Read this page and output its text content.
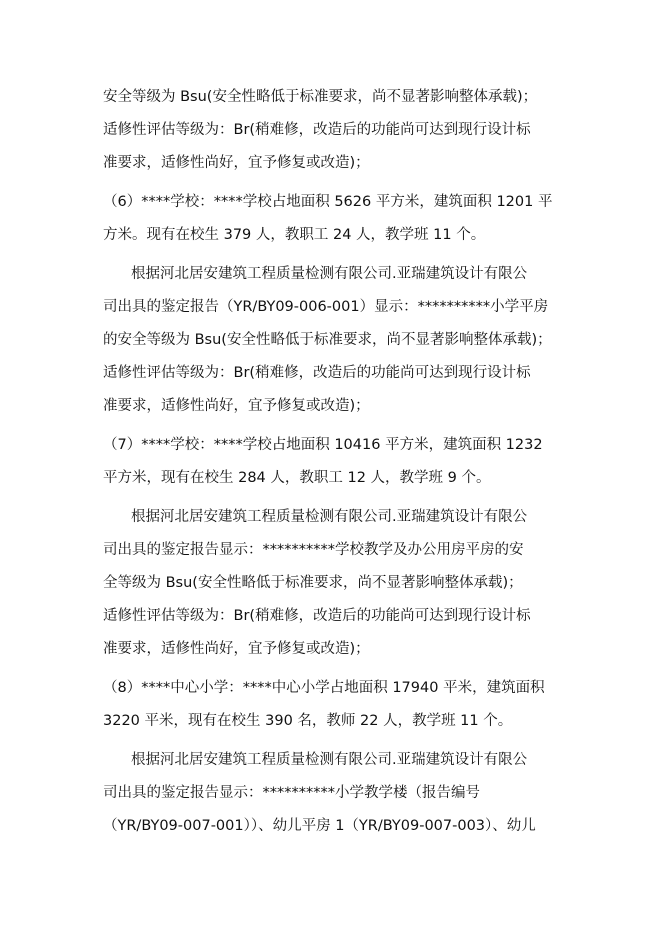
安全等级为 Bsu(安全性略低于标准要求，尚不显著影响整体承载)；
适修性评估等级为：Br(稍难修，改造后的功能尚可达到现行设计标
准要求，适修性尚好，宜予修复或改造)；
（6）****学校：****学校占地面积 5626 平方米，建筑面积 1201 平
方米。现有在校生 379 人，教职工 24 人，教学班 11 个。
根据河北居安建筑工程质量检测有限公司.亚瑞建筑设计有限公
司出具的鉴定报告（YR/BY09-006-001）显示：**********小学平房
的安全等级为 Bsu(安全性略低于标准要求，尚不显著影响整体承载)；
适修性评估等级为：Br(稍难修，改造后的功能尚可达到现行设计标
准要求，适修性尚好，宜予修复或改造)；
（7）****学校：****学校占地面积 10416 平方米，建筑面积 1232
平方米，现有在校生 284 人，教职工 12 人，教学班 9 个。
根据河北居安建筑工程质量检测有限公司.亚瑞建筑设计有限公
司出具的鉴定报告显示：**********学校教学及办公用房平房的安
全等级为 Bsu(安全性略低于标准要求，尚不显著影响整体承载)；
适修性评估等级为：Br(稍难修，改造后的功能尚可达到现行设计标
准要求，适修性尚好，宜予修复或改造)；
（8）****中心小学：****中心小学占地面积 17940 平米，建筑面积
3220 平米，现有在校生 390 名，教师 22 人，教学班 11 个。
根据河北居安建筑工程质量检测有限公司.亚瑞建筑设计有限公
司出具的鉴定报告显示：**********小学教学楼（报告编号
（YR/BY09-007-001））、幼儿平房 1（YR/BY09-007-003）、幼儿
